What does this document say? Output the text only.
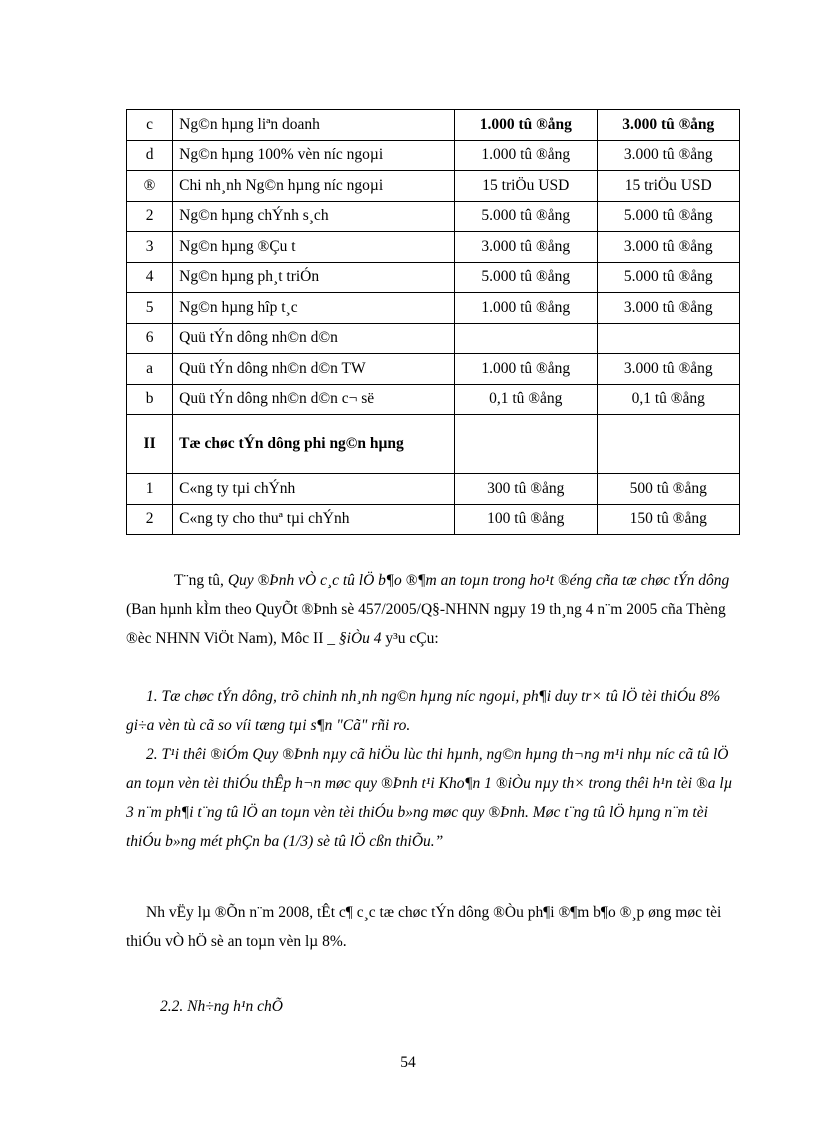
c	Ng©n hµng liªn doanh	1.000 tû ®ång	3.000 tû ®ång
d	Ng©n hµng 100% vèn níc ngoµi	1.000 tû ®ång	3.000 tû ®ång
®	Chi nh¸nh Ng©n hµng níc ngoµi	15 triÖu USD	15 triÖu USD
2	Ng©n hµng chÝnh s¸ch	5.000 tû ®ång	5.000 tû ®ång
3	Ng©n hµng ®Çu t	3.000 tû ®ång	3.000 tû ®ång
4	Ng©n hµng ph¸t triÓn	5.000 tû ®ång	5.000 tû ®ång
5	Ng©n hµng hîp t¸c	1.000 tû ®ång	3.000 tû ®ång
6	Quü tÝn dông nh©n d©n		
a	Quü tÝn dông nh©n d©n TW	1.000 tû ®ång	3.000 tû ®ång
b	Quü tÝn dông nh©n d©n c¬ së	0,1 tû ®ång	0,1 tû ®ång
II	Tæ chøc tÝn dông phi ng©n hµng		
1	C«ng ty tµi chÝnh	300 tû ®ång	500 tû ®ång
2	C«ng ty cho thuª tµi chÝnh	100 tû ®ång	150 tû ®ång

T¨ng tû, Quy ®Þnh vÒ c¸c tû lÖ b¶o ®¶m an toµn trong ho¹t ®éng cña tæ chøc tÝn dông (Ban hµnh kÌm theo QuyÕt ®Þnh sè 457/2005/Q§-NHNN ngµy 19 th¸ng 4 n¨m 2005 cña Thèng ®èc NHNN ViÖt Nam), Môc II _ §iÒu 4 y³u cÇu:

1. Tæ chøc tÝn dông, trõ chinh nh¸nh ng©n hµng níc ngoµi, ph¶i duy tr× tû lÖ tèi thiÓu 8% gi÷a vèn tù cã so víi tæng tµi s¶n "Cã" rñi ro.

2. T¹i thêi ®iÓm Quy ®Þnh nµy cã hiÖu lùc thi hµnh, ng©n hµng th¬ng m¹i nhµ níc cã tû lÖ an toµn vèn tèi thiÓu thÊp h¬n møc quy ®Þnh t¹i Kho¶n 1 ®iÒu nµy th× trong thêi h¹n tèi ®a lµ 3 n¨m ph¶i t¨ng tû lÖ an toµn vèn tèi thiÓu b»ng møc quy ®Þnh. Møc t¨ng tû lÖ hµng n¨m tèi thiÓu b»ng mét phÇn ba (1/3) sè tû lÖ cßn thiÕu.”

Nh vËy lµ ®Õn n¨m 2008, tÊt c¶ c¸c tæ chøc tÝn dông ®Òu ph¶i ®¶m b¶o ®¸p øng møc tèi thiÓu vÒ hÖ sè an toµn vèn lµ 8%.

2.2. Nh÷ng h¹n chÕ

54
